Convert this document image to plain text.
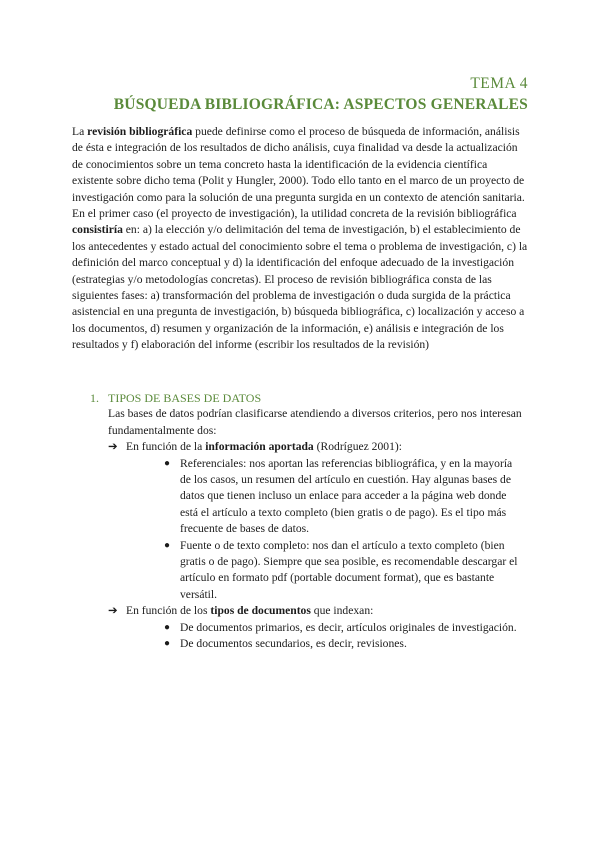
TEMA 4
BÚSQUEDA BIBLIOGRÁFICA: ASPECTOS GENERALES

La revisión bibliográfica puede definirse como el proceso de búsqueda de información, análisis de ésta e integración de los resultados de dicho análisis, cuya finalidad va desde la actualización de conocimientos sobre un tema concreto hasta la identificación de la evidencia científica existente sobre dicho tema (Polit y Hungler, 2000). Todo ello tanto en el marco de un proyecto de investigación como para la solución de una pregunta surgida en un contexto de atención sanitaria.

En el primer caso (el proyecto de investigación), la utilidad concreta de la revisión bibliográfica consistiría en: a) la elección y/o delimitación del tema de investigación, b) el establecimiento de los antecedentes y estado actual del conocimiento sobre el tema o problema de investigación, c) la definición del marco conceptual y d) la identificación del enfoque adecuado de la investigación (estrategias y/o metodologías concretas). El proceso de revisión bibliográfica consta de las siguientes fases: a) transformación del problema de investigación o duda surgida de la práctica asistencial en una pregunta de investigación, b) búsqueda bibliográfica, c) localización y acceso a los documentos, d) resumen y organización de la información, e) análisis e integración de los resultados y f) elaboración del informe (escribir los resultados de la revisión)

1. TIPOS DE BASES DE DATOS
Las bases de datos podrían clasificarse atendiendo a diversos criterios, pero nos interesan fundamentalmente dos:
➔ En función de la información aportada (Rodríguez 2001):
● Referenciales: nos aportan las referencias bibliográfica, y en la mayoría de los casos, un resumen del artículo en cuestión. Hay algunas bases de datos que tienen incluso un enlace para acceder a la página web donde está el artículo a texto completo (bien gratis o de pago). Es el tipo más frecuente de bases de datos.
● Fuente o de texto completo: nos dan el artículo a texto completo (bien gratis o de pago). Siempre que sea posible, es recomendable descargar el artículo en formato pdf (portable document format), que es bastante versátil.
➔ En función de los tipos de documentos que indexan:
● De documentos primarios, es decir, artículos originales de investigación.
● De documentos secundarios, es decir, revisiones.
